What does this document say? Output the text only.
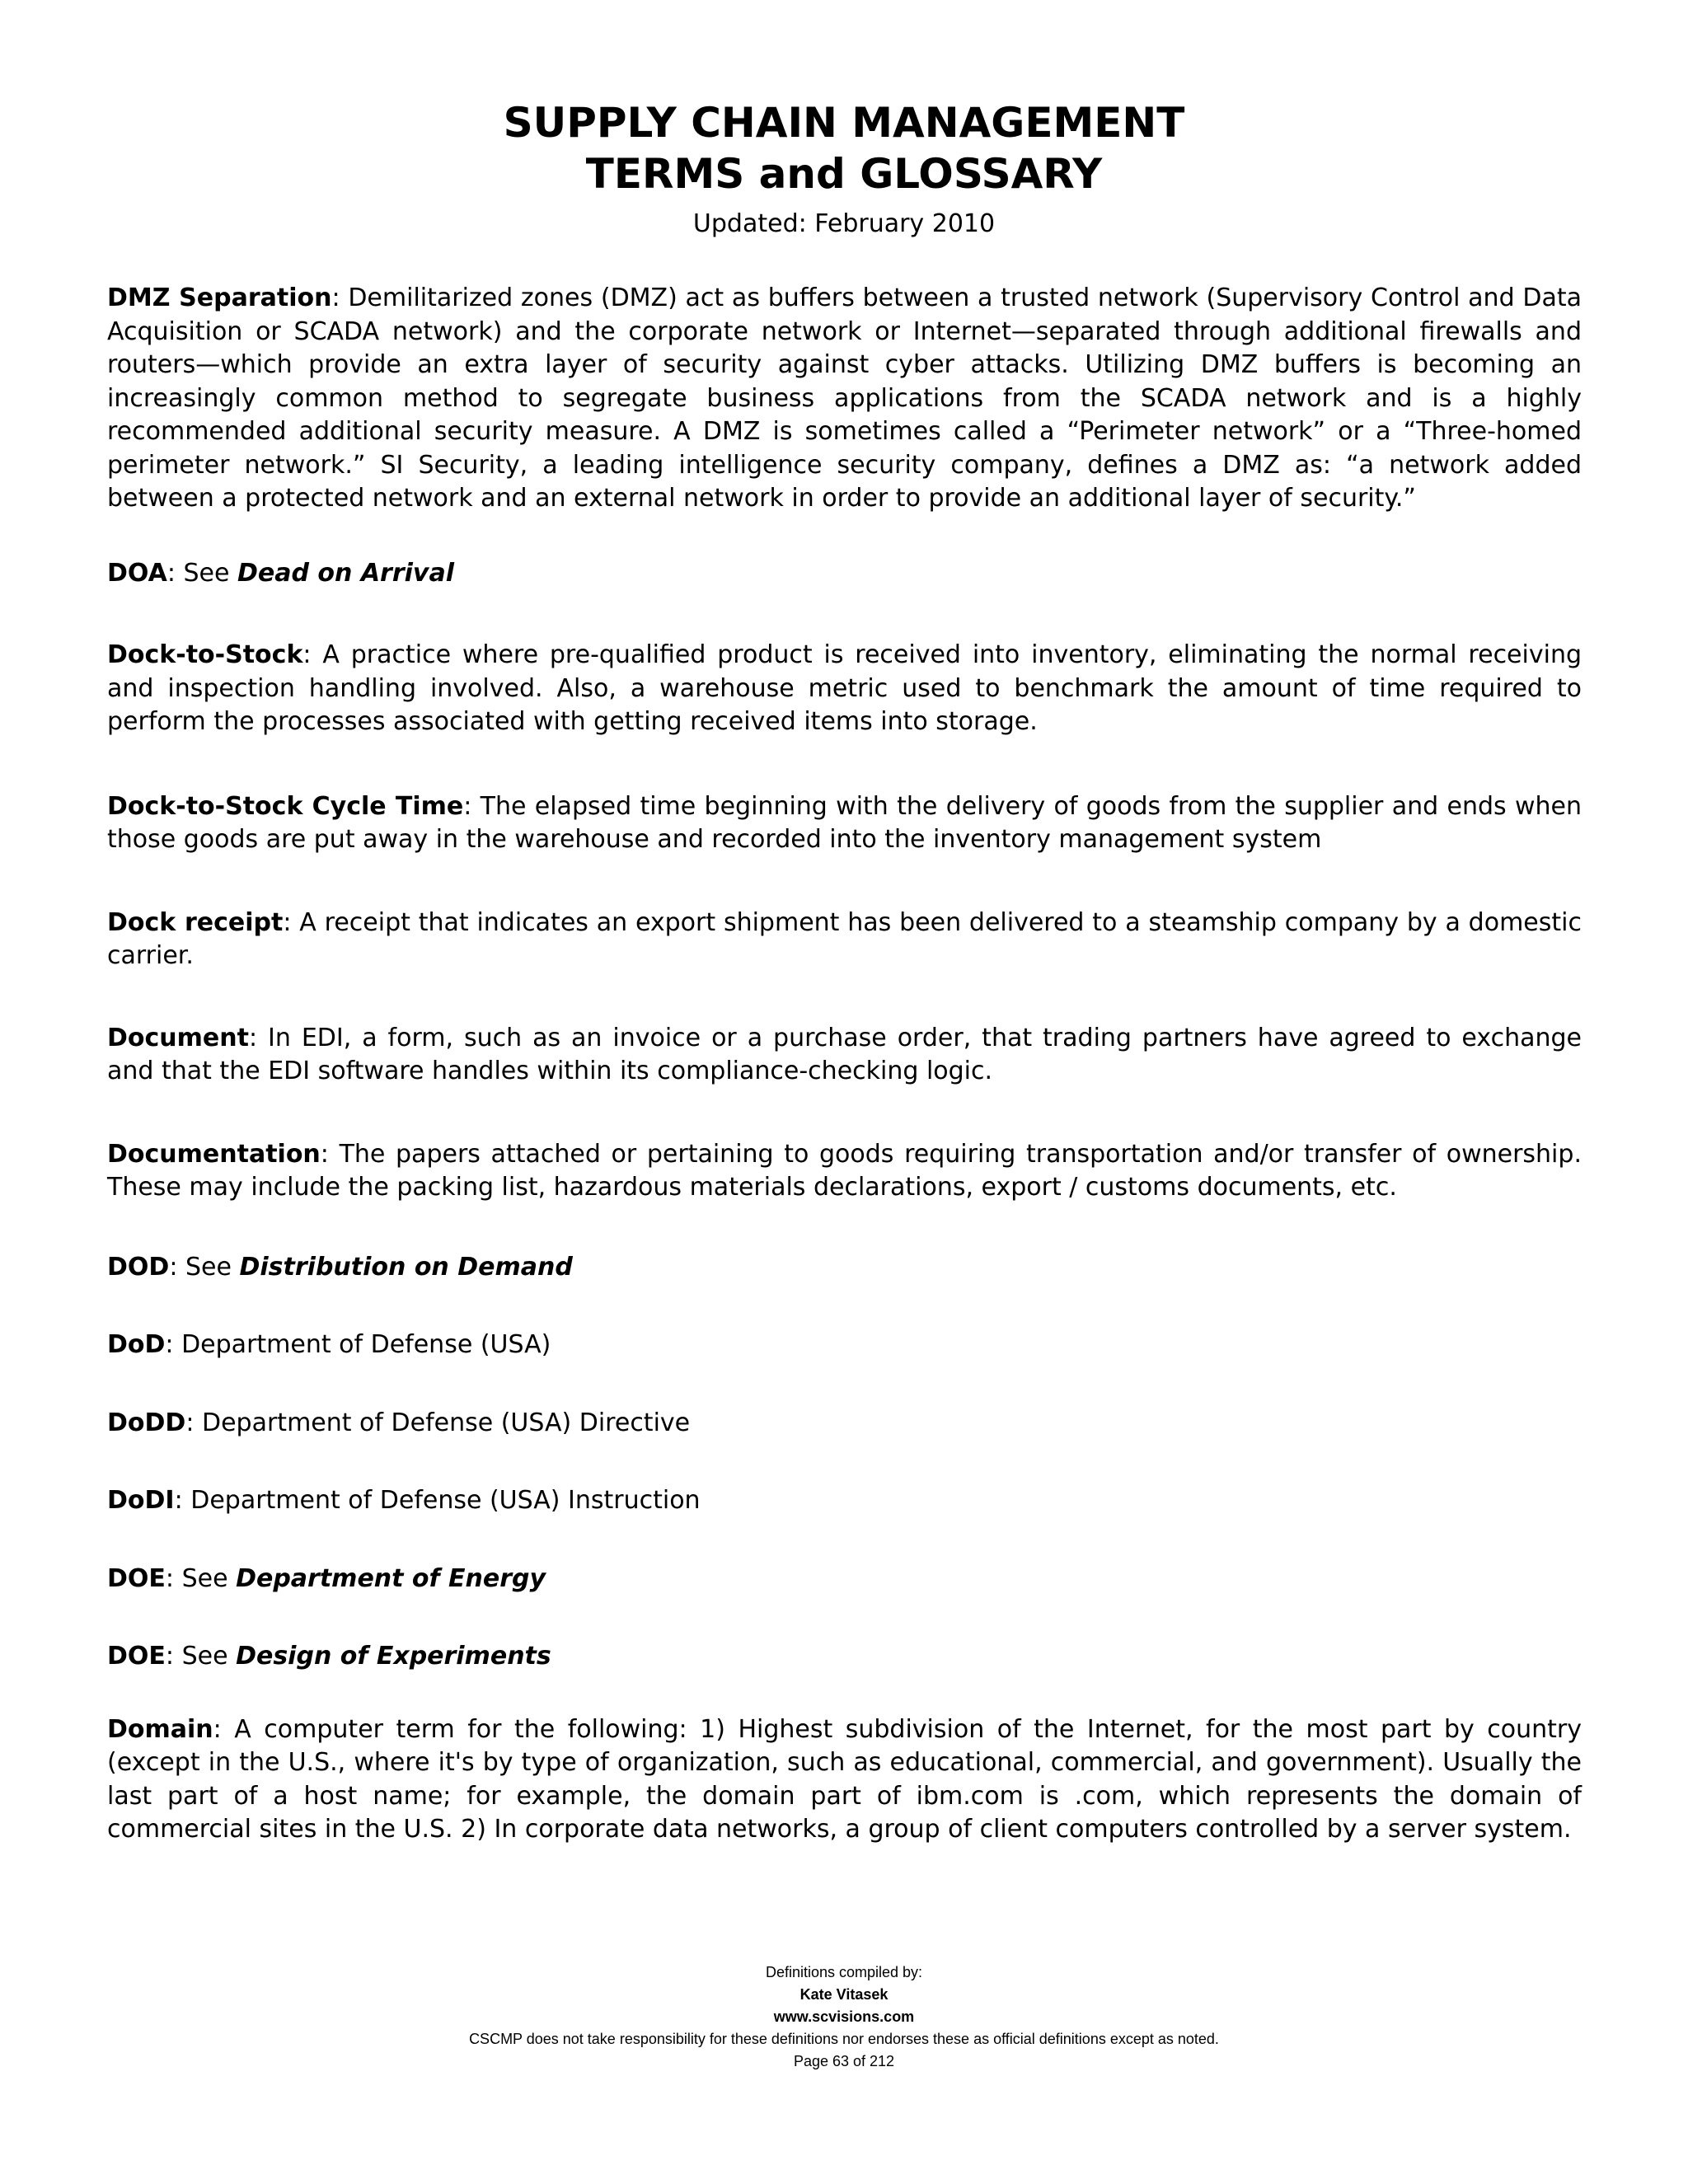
SUPPLY CHAIN MANAGEMENT

TERMS and GLOSSARY

Updated: February 2010

DMZ Separation: Demilitarized zones (DMZ) act as buffers between a trusted network (Supervisory Control and Data Acquisition or SCADA network) and the corporate network or Internet—separated through additional firewalls and routers—which provide an extra layer of security against cyber attacks. Utilizing DMZ buffers is becoming an increasingly common method to segregate business applications from the SCADA network and is a highly recommended additional security measure. A DMZ is sometimes called a “Perimeter network” or a “Three-homed perimeter network.” SI Security, a leading intelligence security company, defines a DMZ as: “a network added between a protected network and an external network in order to provide an additional layer of security.”

DOA: See Dead on Arrival

Dock-to-Stock: A practice where pre-qualified product is received into inventory, eliminating the normal receiving and inspection handling involved. Also, a warehouse metric used to benchmark the amount of time required to perform the processes associated with getting received items into storage.

Dock-to-Stock Cycle Time: The elapsed time beginning with the delivery of goods from the supplier and ends when those goods are put away in the warehouse and recorded into the inventory management system

Dock receipt: A receipt that indicates an export shipment has been delivered to a steamship company by a domestic carrier.

Document: In EDI, a form, such as an invoice or a purchase order, that trading partners have agreed to exchange and that the EDI software handles within its compliance-checking logic.

Documentation: The papers attached or pertaining to goods requiring transportation and/or transfer of ownership. These may include the packing list, hazardous materials declarations, export / customs documents, etc.

DOD: See Distribution on Demand

DoD: Department of Defense (USA)

DoDD: Department of Defense (USA) Directive

DoDI: Department of Defense (USA) Instruction

DOE: See Department of Energy

DOE: See Design of Experiments

Domain: A computer term for the following: 1) Highest subdivision of the Internet, for the most part by country (except in the U.S., where it's by type of organization, such as educational, commercial, and government). Usually the last part of a host name; for example, the domain part of ibm.com is .com, which represents the domain of commercial sites in the U.S. 2) In corporate data networks, a group of client computers controlled by a server system.

Definitions compiled by:
Kate Vitasek
www.scvisions.com
CSCMP does not take responsibility for these definitions nor endorses these as official definitions except as noted.
Page 63 of 212
